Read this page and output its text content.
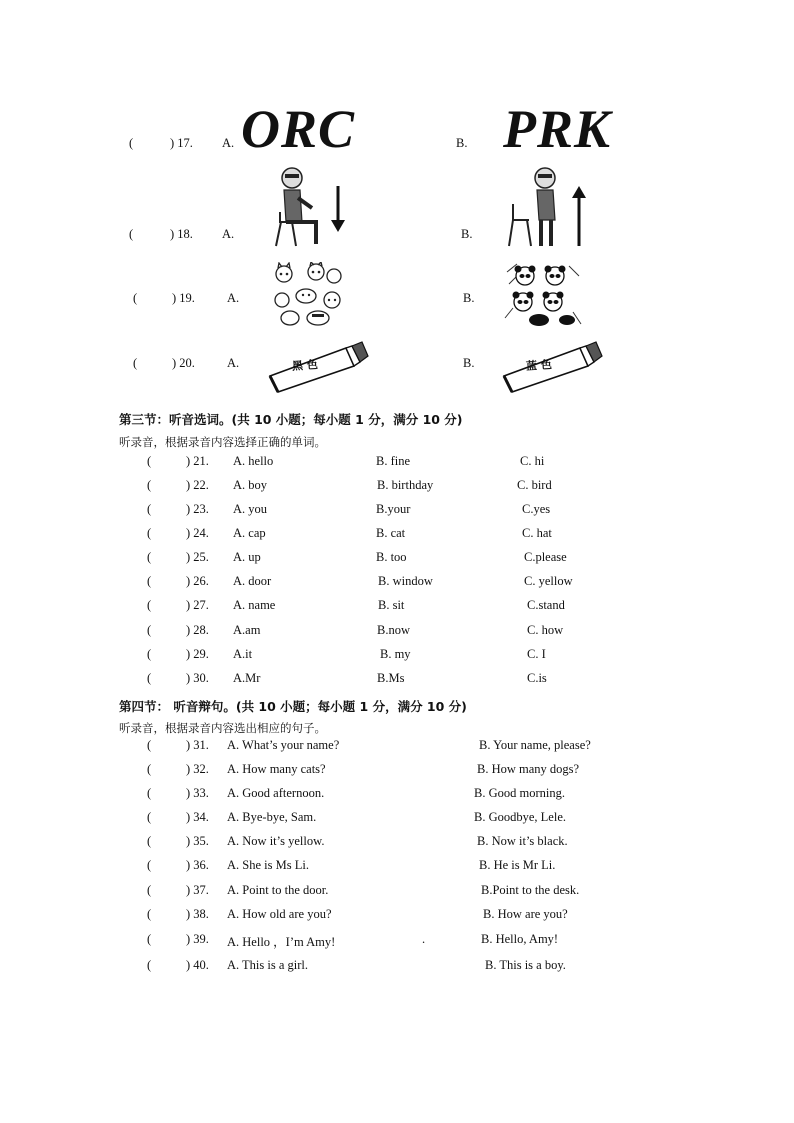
(	) 17. A. ORC	B. PRK
(	) 18. A.	B.
(	) 19.	A.	B.
(	) 20.	A.	黑 色	B.	蓝 色
第三节：听音选词。(共 10 小题；每小题 1 分，满分 10 分)
听录音，根据录音内容选择正确的单词。
(	) 21. A. hello	B. fine	C. hi
(	) 22. A. boy	B. birthday	C. bird
(	) 23. A. you	B.your	C.yes
(	) 24. A. cap	B. cat	C. hat
(	) 25. A. up	B. too	C.please
(	) 26. A. door	B. window	C. yellow
(	) 27. A. name	B. sit	C.stand
(	) 28. A.am	B.now	C. how
(	) 29. A.it	B. my	C. I
(	) 30. A.Mr	B.Ms	C.is
第四节： 听音辩句。(共 10 小题；每小题 1 分，满分 10 分)
听录音，根据录音内容选出相应的句子。
(	) 31. A. What’s your name?	B. Your name, please?
(	) 32. A. How many cats?	B. How many dogs?
(	) 33. A. Good afternoon.	B. Good morning.
(	) 34. A. Bye-bye, Sam.	B. Goodbye, Lele.
(	) 35. A. Now it’s yellow.	B. Now it’s black.
(	) 36. A. She is Ms Li.	B. He is Mr Li.
(	) 37. A. Point to the door.	B.Point to the desk.
(	) 38. A. How old are you?	B. How are you?
(	) 39. A. Hello ，I’m Amy!	B. Hello, Amy!
.
(	) 40. A. This is a girl.	B. This is a boy.
